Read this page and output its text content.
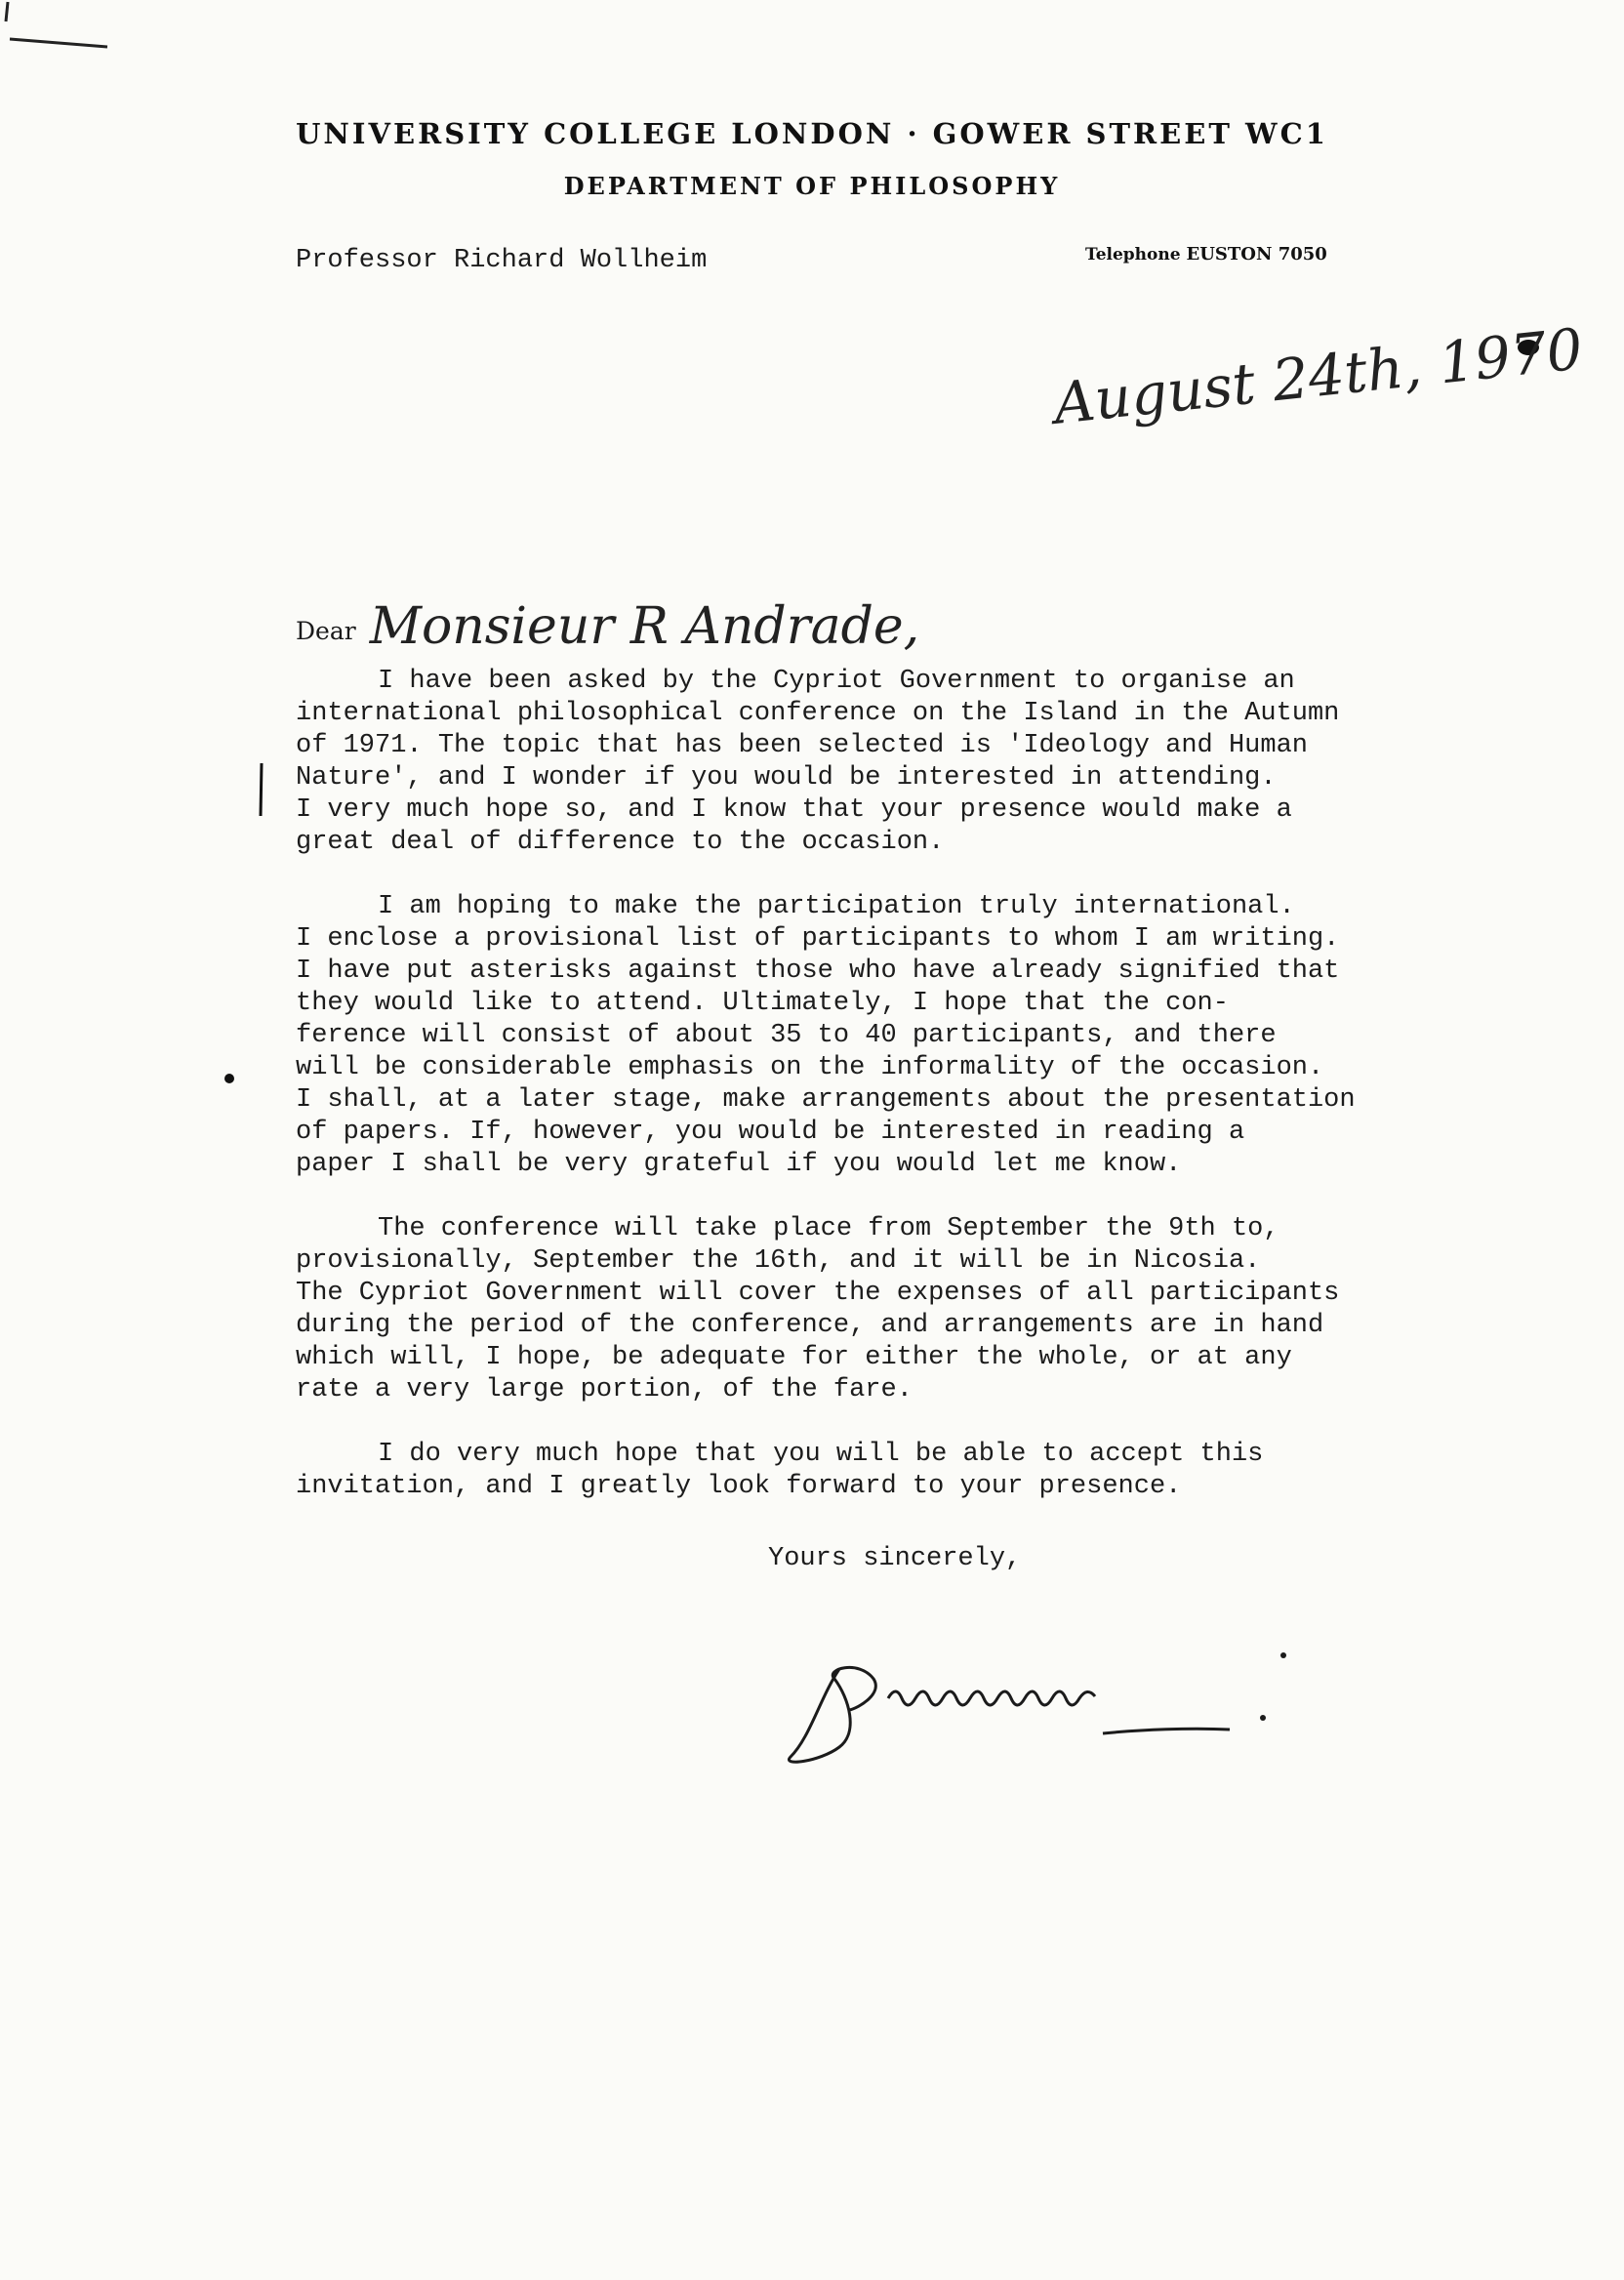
UNIVERSITY COLLEGE LONDON · GOWER STREET WC1
DEPARTMENT OF PHILOSOPHY
Professor Richard Wollheim	Telephone EUSTON 7050
August 24th, 1970
Dear Monsieur R Andrade,

I have been asked by the Cypriot Government to organise an
international philosophical conference on the Island in the Autumn
of 1971. The topic that has been selected is 'Ideology and Human
Nature', and I wonder if you would be interested in attending.
I very much hope so, and I know that your presence would make a
great deal of difference to the occasion.

I am hoping to make the participation truly international.
I enclose a provisional list of participants to whom I am writing.
I have put asterisks against those who have already signified that
they would like to attend. Ultimately, I hope that the con-
ference will consist of about 35 to 40 participants, and there
will be considerable emphasis on the informality of the occasion.
I shall, at a later stage, make arrangements about the presentation
of papers. If, however, you would be interested in reading a
paper I shall be very grateful if you would let me know.

The conference will take place from September the 9th to,
provisionally, September the 16th, and it will be in Nicosia.
The Cypriot Government will cover the expenses of all participants
during the period of the conference, and arrangements are in hand
which will, I hope, be adequate for either the whole, or at any
rate a very large portion, of the fare.

I do very much hope that you will be able to accept this
invitation, and I greatly look forward to your presence.

Yours sincerely,
